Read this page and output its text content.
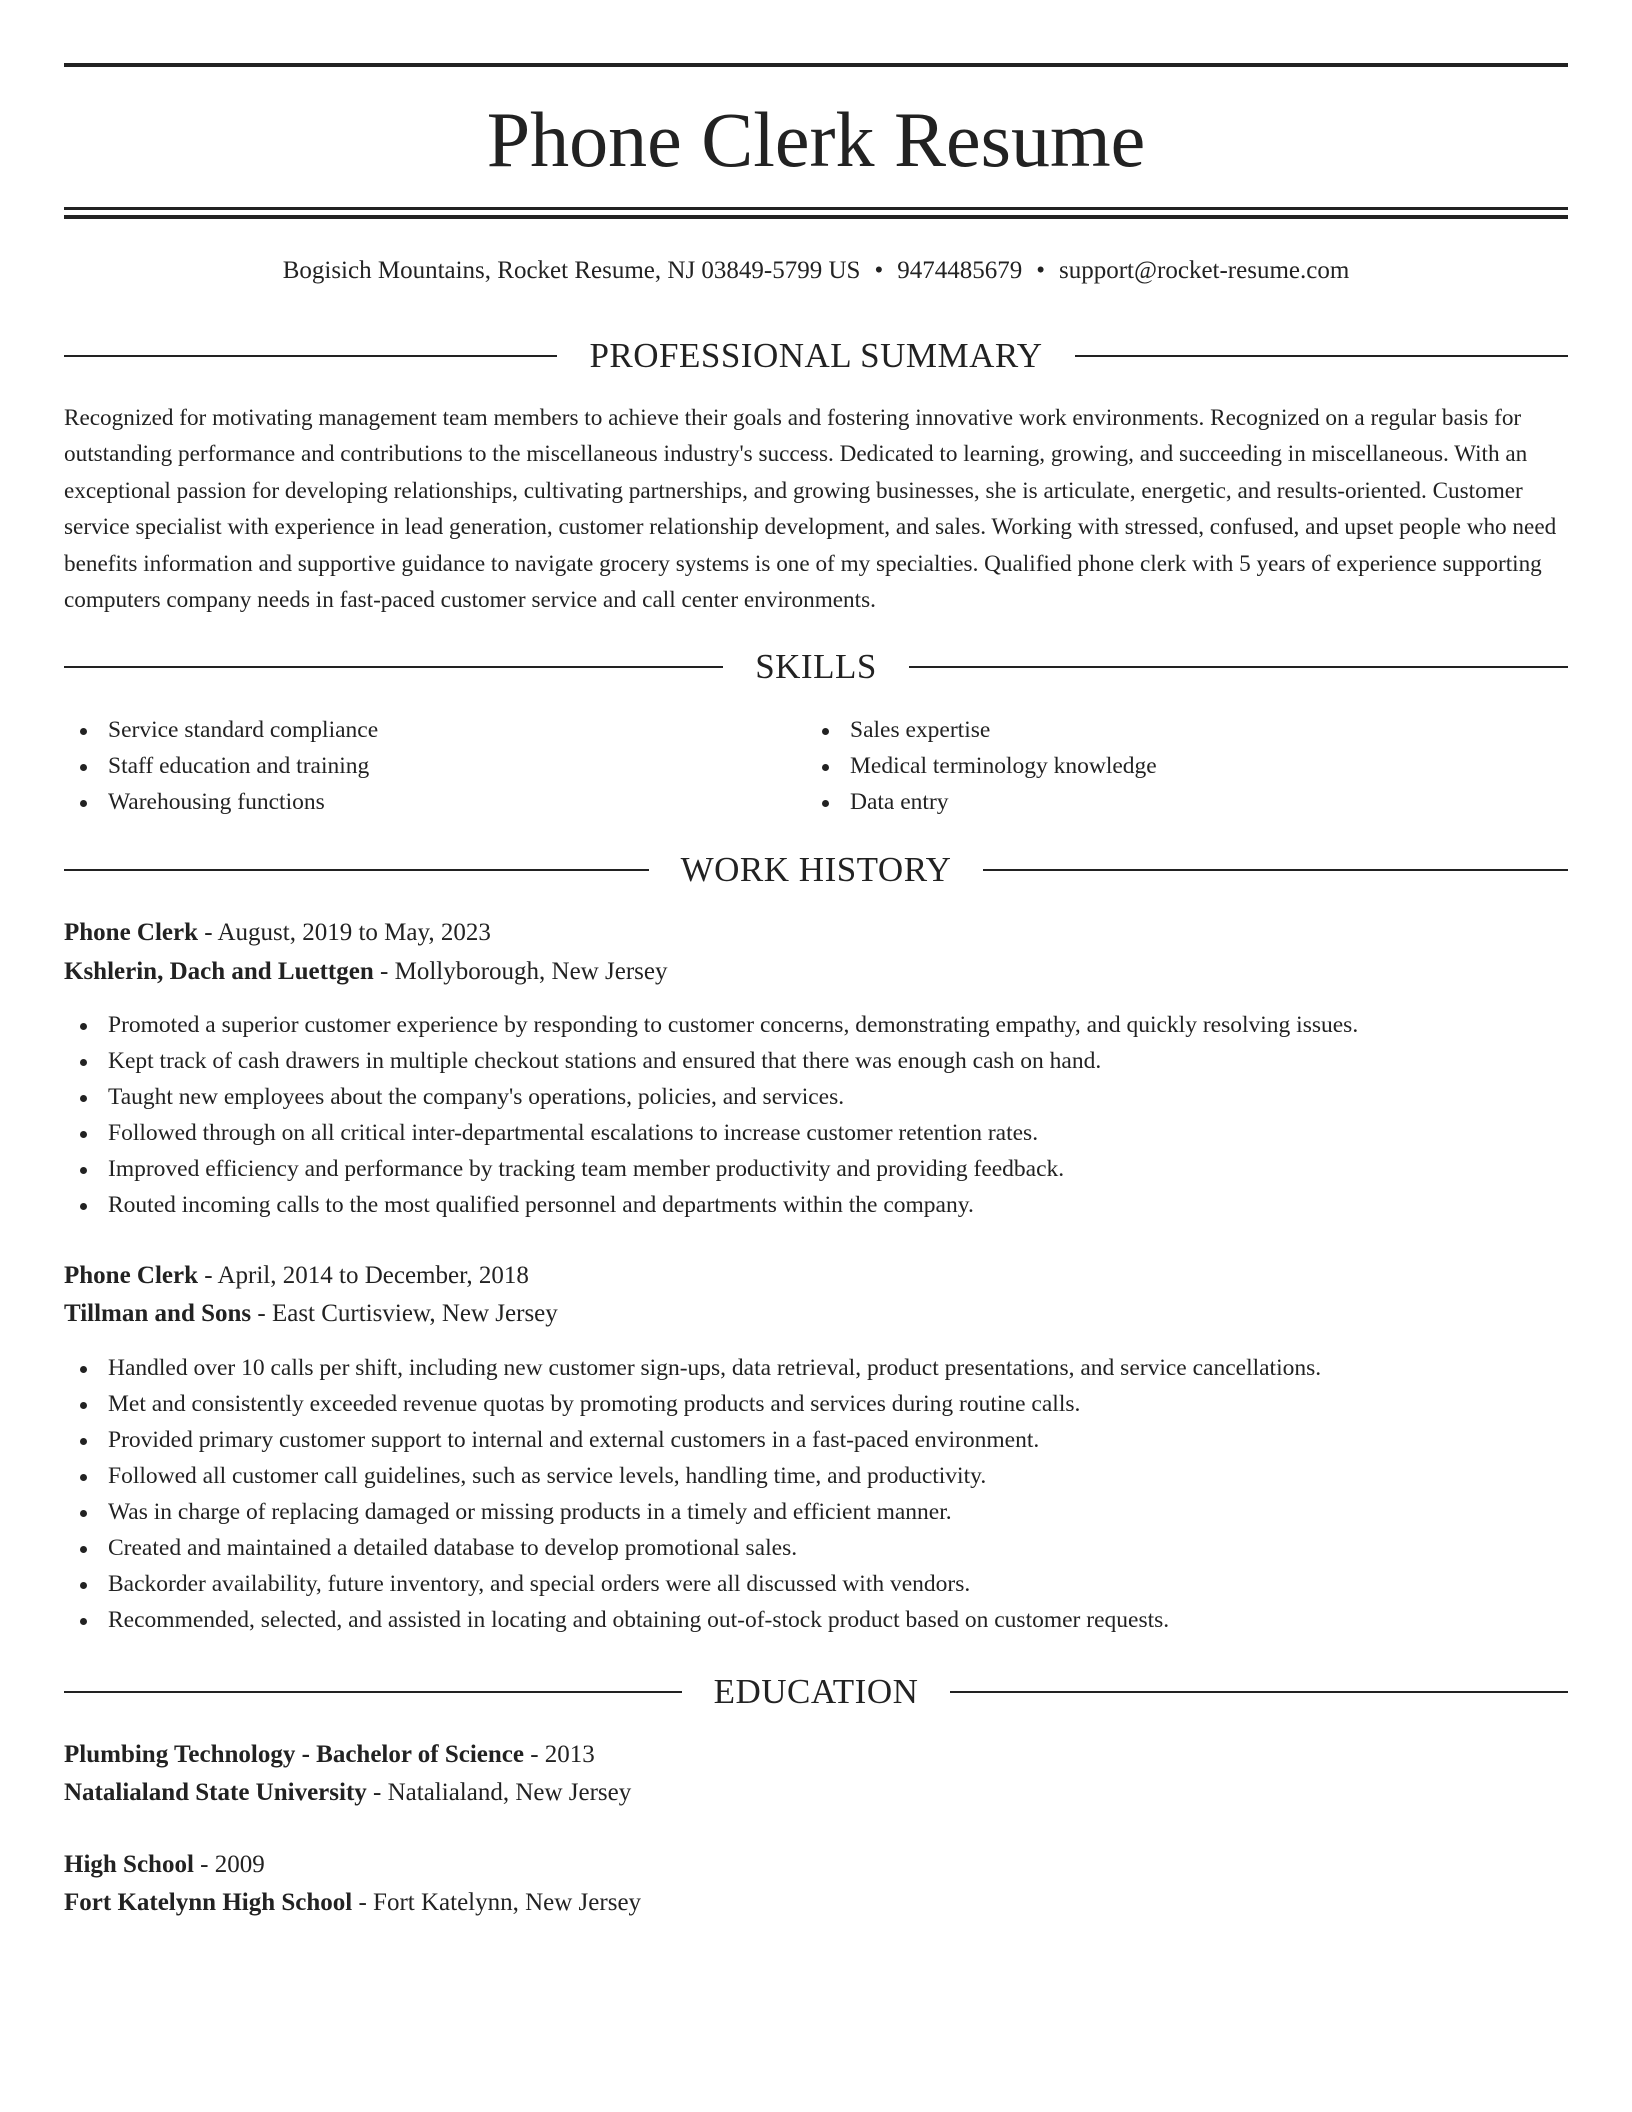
Phone Clerk Resume
Bogisich Mountains, Rocket Resume, NJ 03849-5799 US • 9474485679 • support@rocket-resume.com
PROFESSIONAL SUMMARY
Recognized for motivating management team members to achieve their goals and fostering innovative work environments. Recognized on a regular basis for outstanding performance and contributions to the miscellaneous industry's success. Dedicated to learning, growing, and succeeding in miscellaneous. With an exceptional passion for developing relationships, cultivating partnerships, and growing businesses, she is articulate, energetic, and results-oriented. Customer service specialist with experience in lead generation, customer relationship development, and sales. Working with stressed, confused, and upset people who need benefits information and supportive guidance to navigate grocery systems is one of my specialties. Qualified phone clerk with 5 years of experience supporting computers company needs in fast-paced customer service and call center environments.
SKILLS
Service standard compliance
Staff education and training
Warehousing functions
Sales expertise
Medical terminology knowledge
Data entry
WORK HISTORY
Phone Clerk - August, 2019 to May, 2023
Kshlerin, Dach and Luettgen - Mollyborough, New Jersey
Promoted a superior customer experience by responding to customer concerns, demonstrating empathy, and quickly resolving issues.
Kept track of cash drawers in multiple checkout stations and ensured that there was enough cash on hand.
Taught new employees about the company's operations, policies, and services.
Followed through on all critical inter-departmental escalations to increase customer retention rates.
Improved efficiency and performance by tracking team member productivity and providing feedback.
Routed incoming calls to the most qualified personnel and departments within the company.
Phone Clerk - April, 2014 to December, 2018
Tillman and Sons - East Curtisview, New Jersey
Handled over 10 calls per shift, including new customer sign-ups, data retrieval, product presentations, and service cancellations.
Met and consistently exceeded revenue quotas by promoting products and services during routine calls.
Provided primary customer support to internal and external customers in a fast-paced environment.
Followed all customer call guidelines, such as service levels, handling time, and productivity.
Was in charge of replacing damaged or missing products in a timely and efficient manner.
Created and maintained a detailed database to develop promotional sales.
Backorder availability, future inventory, and special orders were all discussed with vendors.
Recommended, selected, and assisted in locating and obtaining out-of-stock product based on customer requests.
EDUCATION
Plumbing Technology - Bachelor of Science - 2013
Natalialand State University - Natalialand, New Jersey
High School - 2009
Fort Katelynn High School - Fort Katelynn, New Jersey
